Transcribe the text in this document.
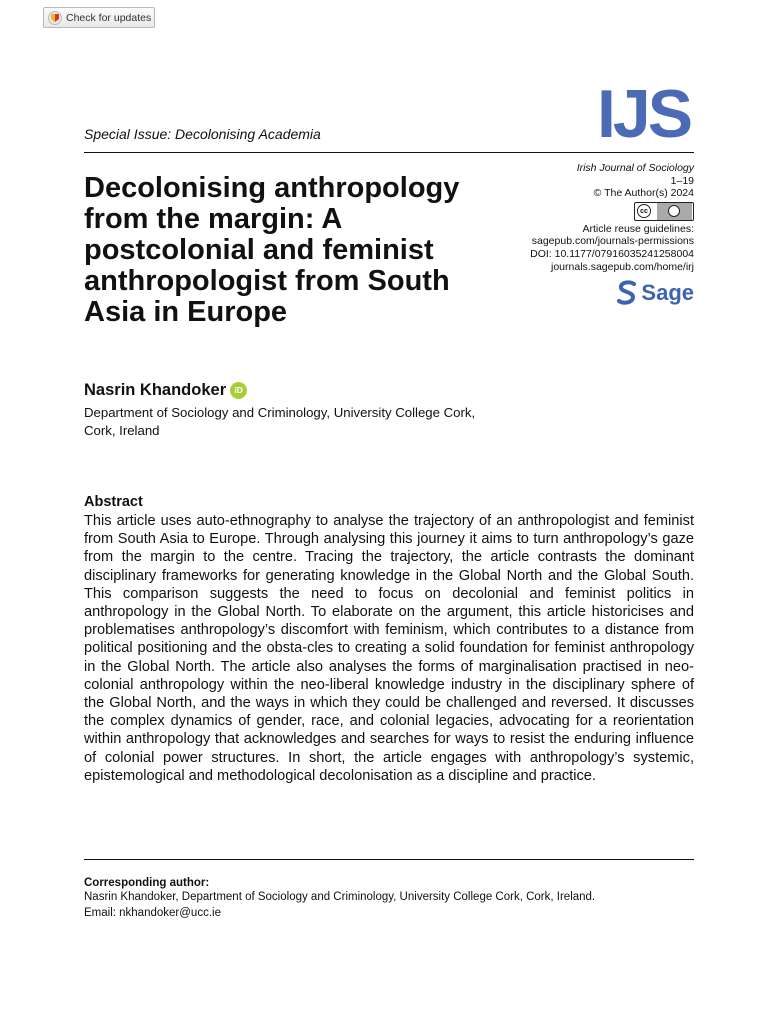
Check for updates
Special Issue: Decolonising Academia	IJS
Decolonising anthropology from the margin: A postcolonial and feminist anthropologist from South Asia in Europe
Irish Journal of Sociology
1–19
© The Author(s) 2024
cc
Article reuse guidelines:
sagepub.com/journals-permissions
DOI: 10.1177/07916035241258004
journals.sagepub.com/home/irj
Sage
Nasrin Khandoker iD
Department of Sociology and Criminology, University College Cork, Cork, Ireland
Abstract

This article uses auto-ethnography to analyse the trajectory of an anthropologist and feminist from South Asia to Europe. Through analysing this journey it aims to turn anthropology’s gaze from the margin to the centre. Tracing the trajectory, the article contrasts the dominant disciplinary frameworks for generating knowledge in the Global North and the Global South. This comparison suggests the need to focus on decolonial and feminist politics in anthropology in the Global North. To elaborate on the argument, this article historicises and problematises anthropology’s discomfort with feminism, which contributes to a distance from political positioning and the obsta-cles to creating a solid foundation for feminist anthropology in the Global North. The article also analyses the forms of marginalisation practised in neo-colonial anthropology within the neo-liberal knowledge industry in the disciplinary sphere of the Global North, and the ways in which they could be challenged and reversed. It discusses the complex dynamics of gender, race, and colonial legacies, advocating for a reorientation within anthropology that acknowledges and searches for ways to resist the enduring influence of colonial power structures. In short, the article engages with anthropology’s systemic, epistemological and methodological decolonisation as a discipline and practice.

Corresponding author:
Nasrin Khandoker, Department of Sociology and Criminology, University College Cork, Cork, Ireland.
Email: nkhandoker@ucc.ie
